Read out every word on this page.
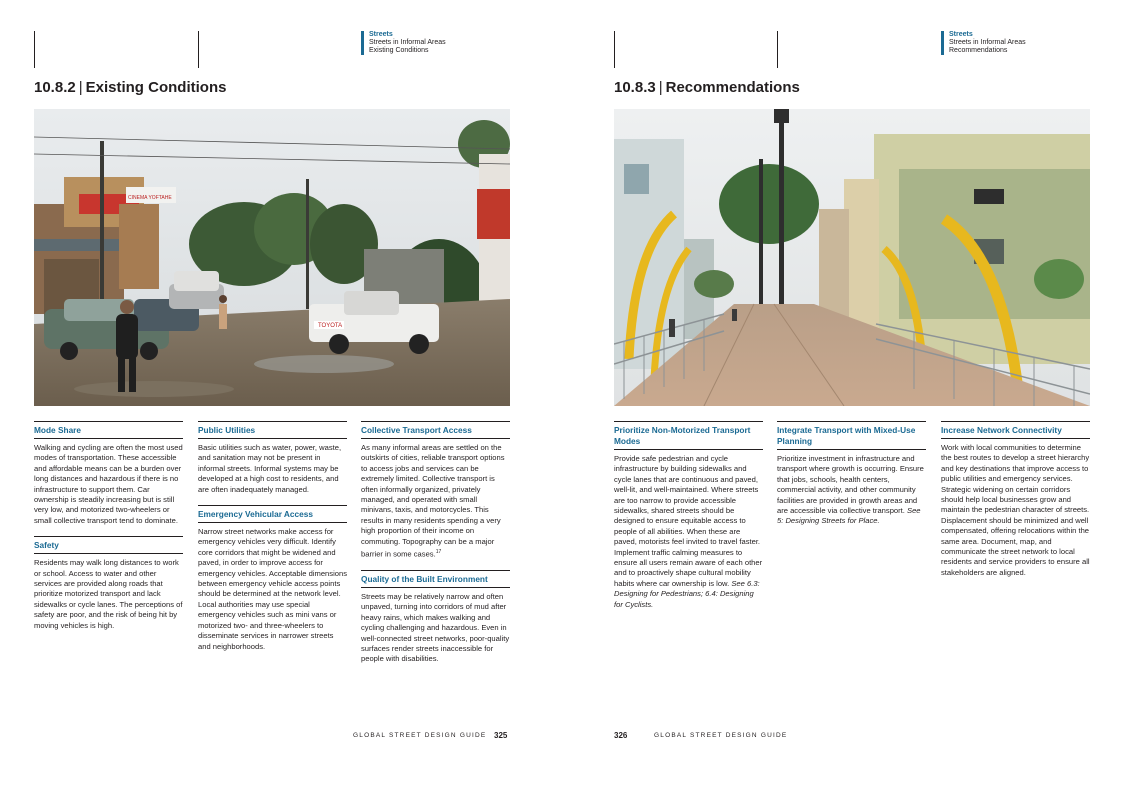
Streets
Streets in Informal Areas
Existing Conditions
10.8.2 | Existing Conditions
TOYOTA
CINEMA YOFTAHE
Mode Share

Walking and cycling are often the most used modes of transportation. These accessible and affordable means can be a burden over long distances and hazardous if there is no infrastructure to support them. Car ownership is steadily increasing but is still very low, and motorized two-wheelers or small collective transport tend to dominate.

Safety

Residents may walk long distances to work or school. Access to water and other services are provided along roads that prioritize motorized transport and lack sidewalks or cycle lanes. The perceptions of safety are poor, and the risk of being hit by moving vehicles is high.

Public Utilities

Basic utilities such as water, power, waste, and sanitation may not be present in informal streets. Informal systems may be developed at a high cost to residents, and are often inadequately managed.

Emergency Vehicular Access

Narrow street networks make access for emergency vehicles very difficult. Identify core corridors that might be widened and paved, in order to improve access for emergency vehicles. Acceptable dimensions between emergency vehicle access points should be determined at the network level. Local authorities may use special emergency vehicles such as mini vans or motorized two- and three-wheelers to disseminate services in narrower streets and neighborhoods.

Collective Transport Access

As many informal areas are settled on the outskirts of cities, reliable transport options to access jobs and services can be extremely limited. Collective transport is often informally organized, privately managed, and operated with small minivans, taxis, and motorcycles. This results in many residents spending a very high proportion of their income on commuting. Topography can be a major barrier in some cases.$^{17}$

Quality of the Built Environment

Streets may be relatively narrow and often unpaved, turning into corridors of mud after heavy rains, which makes walking and cycling challenging and hazardous. Even in well-connected street networks, poor-quality surfaces render streets inaccessible for people with disabilities.

GLOBAL STREET DESIGN GUIDE 325
Streets
Streets in Informal Areas
Recommendations
10.8.3 | Recommendations
Prioritize Non-Motorized Transport Modes

Provide safe pedestrian and cycle infrastructure by building sidewalks and cycle lanes that are continuous and paved, well-lit, and well-maintained. Where streets are too narrow to provide accessible sidewalks, shared streets should be designed to ensure equitable access to people of all abilities. When these are paved, motorists feel invited to travel faster. Implement traffic calming measures to ensure all users remain aware of each other and to proactively shape cultural mobility habits where car ownership is low. See 6.3: Designing for Pedestrians; 6.4: Designing for Cyclists.

Integrate Transport with Mixed-Use Planning

Prioritize investment in infrastructure and transport where growth is occurring. Ensure that jobs, schools, health centers, commercial activity, and other community facilities are provided in growth areas and are accessible via collective transport. See 5: Designing Streets for Place.

Increase Network Connectivity

Work with local communities to determine the best routes to develop a street hierarchy and key destinations that improve access to public utilities and emergency services. Strategic widening on certain corridors should help local businesses grow and maintain the pedestrian character of streets. Displacement should be minimized and well compensated, offering relocations within the same area. Document, map, and communicate the street network to local residents and service providers to ensure all stakeholders are aligned.

326	GLOBAL STREET DESIGN GUIDE
